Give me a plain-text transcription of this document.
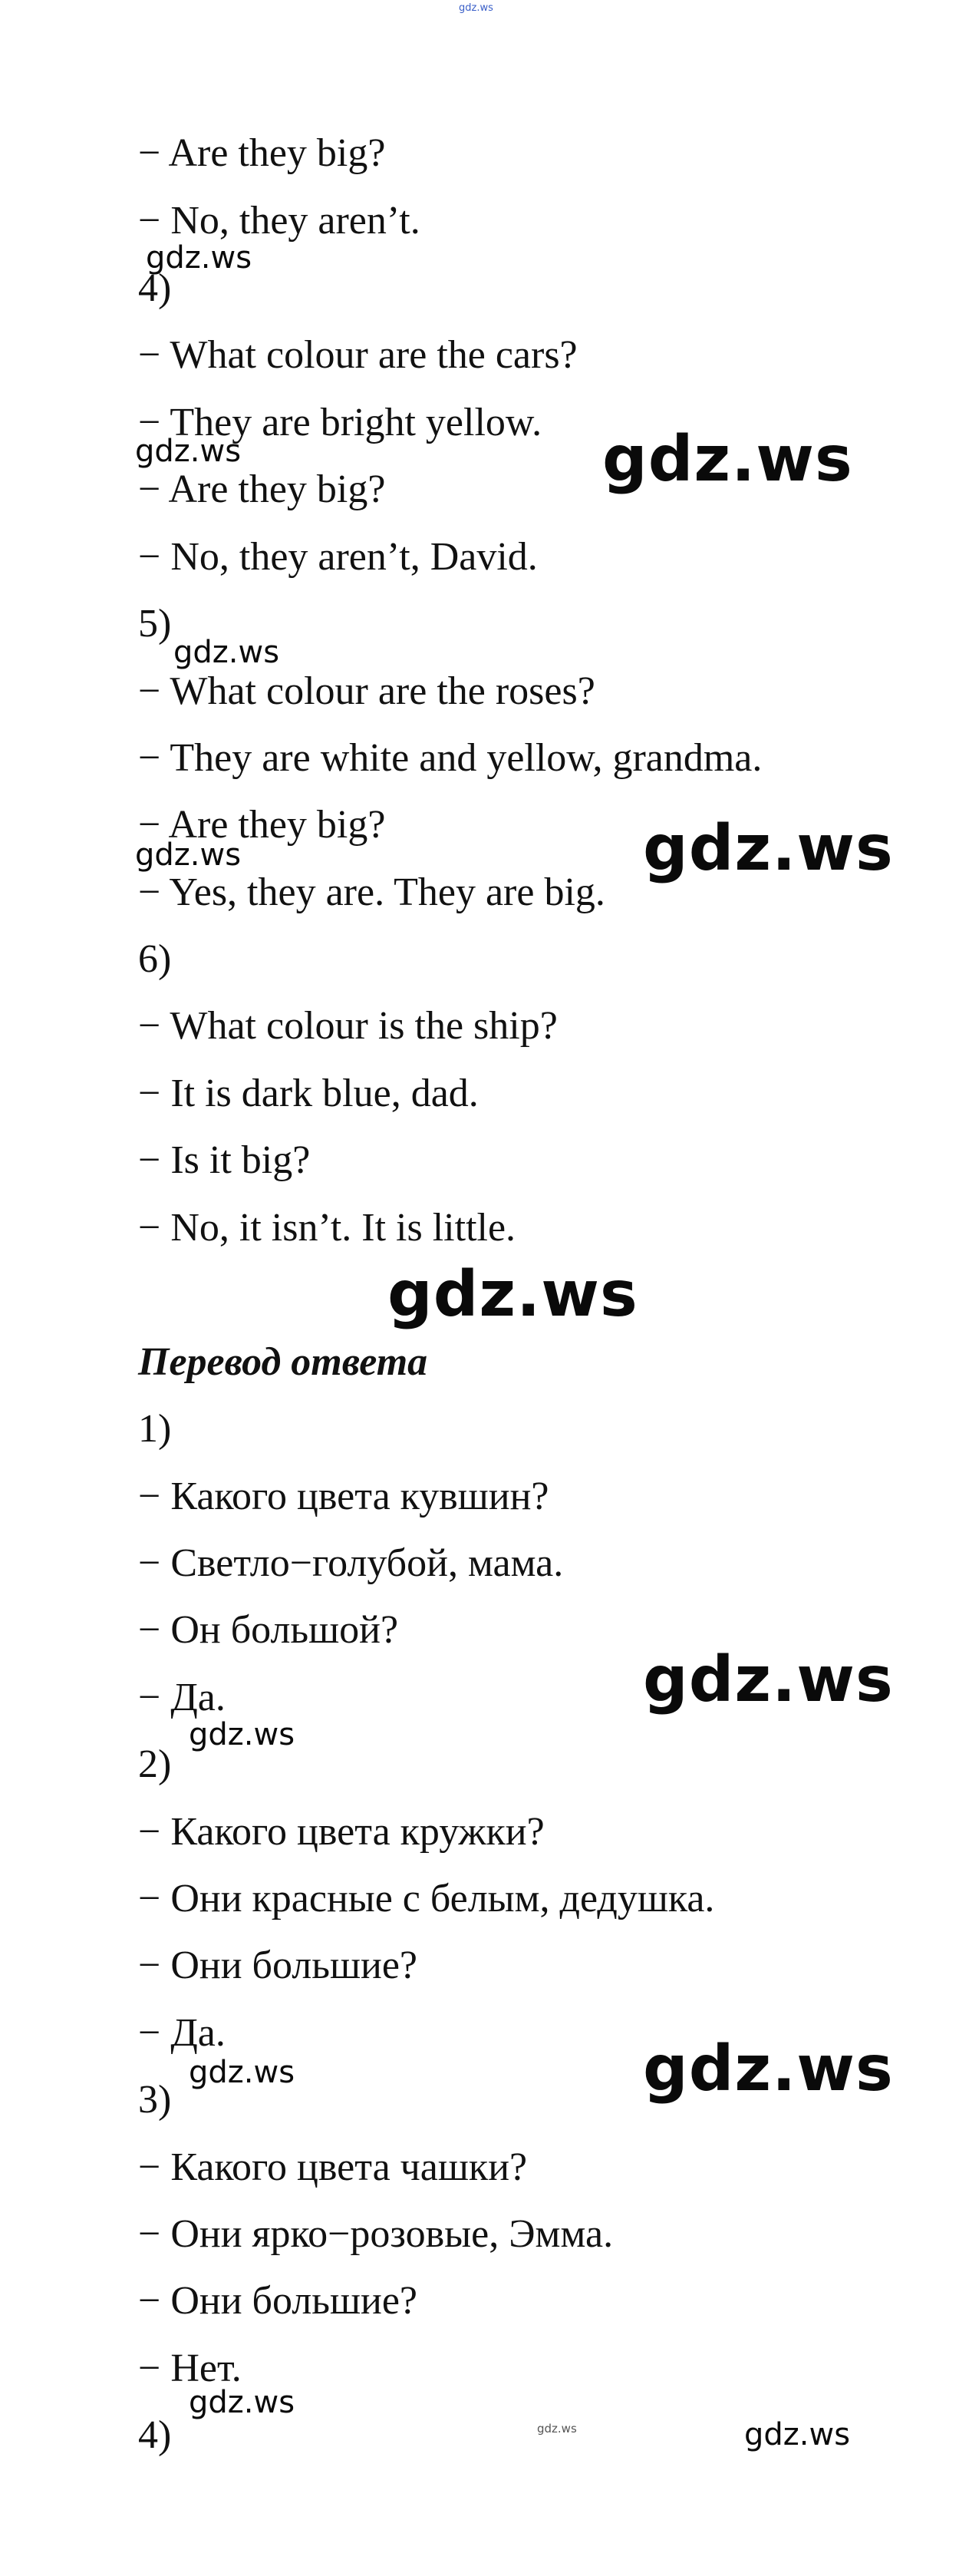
gdz.ws
− Are they big?
− No, they aren’t.
4)
− What colour are the cars?
− They are bright yellow.
− Are they big?
− No, they aren’t, David.
5)
− What colour are the roses?
− They are white and yellow, grandma.
− Are they big?
− Yes, they are. They are big.
6)
− What colour is the ship?
− It is dark blue, dad.
− Is it big?
− No, it isn’t. It is little.
Перевод ответа
1)
− Какого цвета кувшин?
− Светло−голубой, мама.
− Он большой?
− Да.
2)
− Какого цвета кружки?
− Они красные с белым, дедушка.
− Они большие?
− Да.
3)
− Какого цвета чашки?
− Они ярко−розовые, Эмма.
− Они большие?
− Нет.
4)
gdz.ws
gdz.ws	gdz.ws
gdz.ws
gdz.ws	gdz.ws
gdz.ws
gdz.ws
gdz.ws
gdz.ws
gdz.ws
gdz.ws
gdz.ws	gdz.ws
